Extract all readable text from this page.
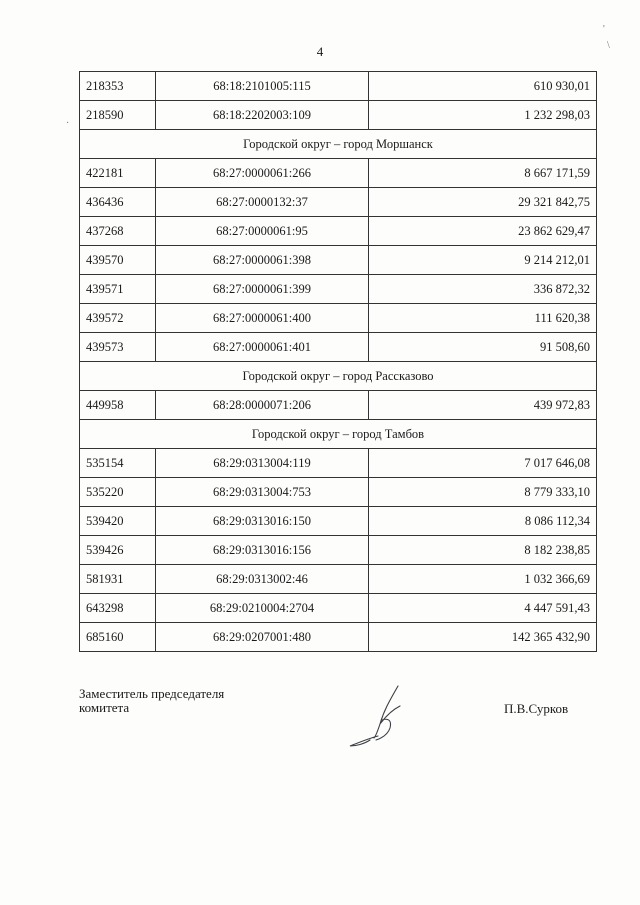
4
'
\
·
218353	68:18:2101005:115	610 930,01
218590	68:18:2202003:109	1 232 298,03
Городской округ – город Моршанск		
422181	68:27:0000061:266	8 667 171,59
436436	68:27:0000132:37	29 321 842,75
437268	68:27:0000061:95	23 862 629,47
439570	68:27:0000061:398	9 214 212,01
439571	68:27:0000061:399	336 872,32
439572	68:27:0000061:400	111 620,38
439573	68:27:0000061:401	91 508,60
Городской округ – город Рассказово		
449958	68:28:0000071:206	439 972,83
Городской округ – город Тамбов		
535154	68:29:0313004:119	7 017 646,08
535220	68:29:0313004:753	8 779 333,10
539420	68:29:0313016:150	8 086 112,34
539426	68:29:0313016:156	8 182 238,85
581931	68:29:0313002:46	1 032 366,69
643298	68:29:0210004:2704	4 447 591,43
685160	68:29:0207001:480	142 365 432,90
Заместитель председателя
комитета	П.В.Сурков
